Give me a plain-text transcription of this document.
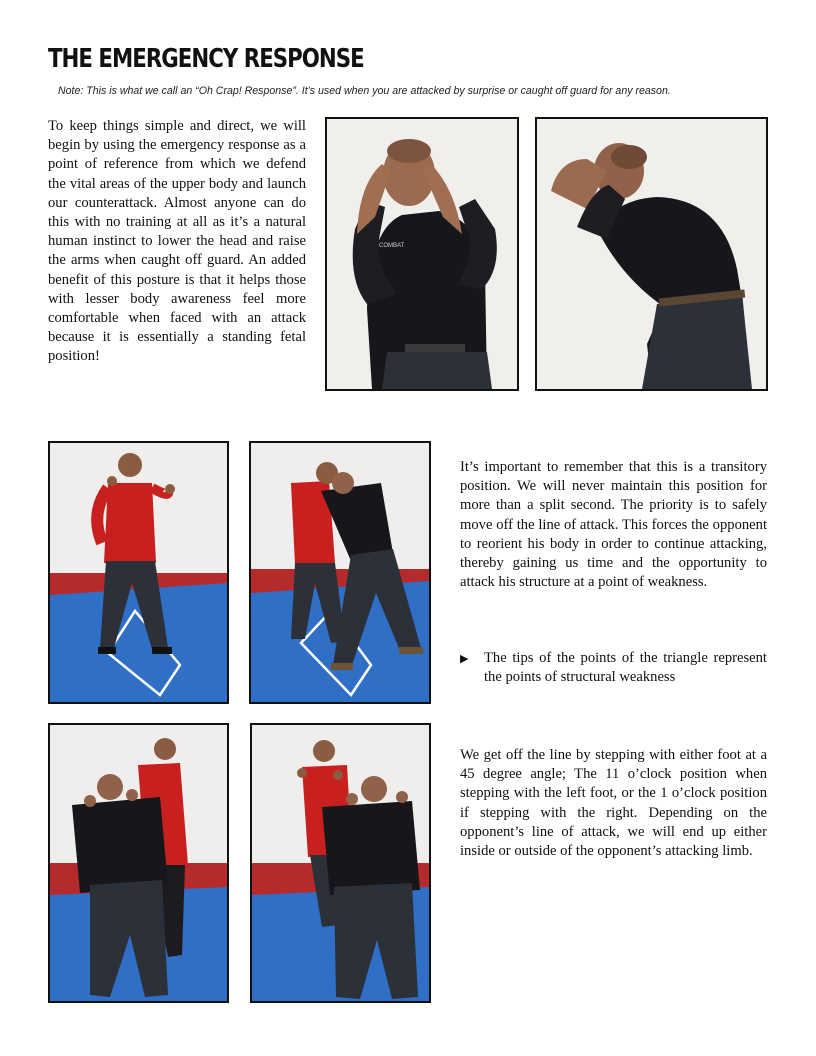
THE EMERGENCY RESPONSE
Note: This is what we call an “Oh Crap! Response”. It’s used when you are attacked by surprise or caught off guard for any reason.

To keep things simple and direct, we will begin by using the emergency response as a point of reference from which we defend the vital areas of the upper body and launch our counterattack. Almost anyone can do this with no training at all as it’s a natural human instinct to lower the head and raise the arms when caught off guard. An added benefit of this posture is that it helps those with lesser body awareness feel more comfortable when faced with an attack because it is essentially a standing fetal position!

COMBAT

It’s important to remember that this is a transitory position. We will never maintain this position for more than a split second. The priority is to safely move off the line of attack. This forces the opponent to reorient his body in order to continue attacking, thereby gaining us time and the opportunity to attack his structure at a point of weakness.

▶	The tips of the points of the triangle represent the points of structural weakness

We get off the line by stepping with either foot at a 45 degree angle; The 11 o’clock position when stepping with the left foot, or the 1 o’clock position if stepping with the right. Depending on the opponent’s line of attack, we will end up either inside or outside of the opponent’s attacking limb.
